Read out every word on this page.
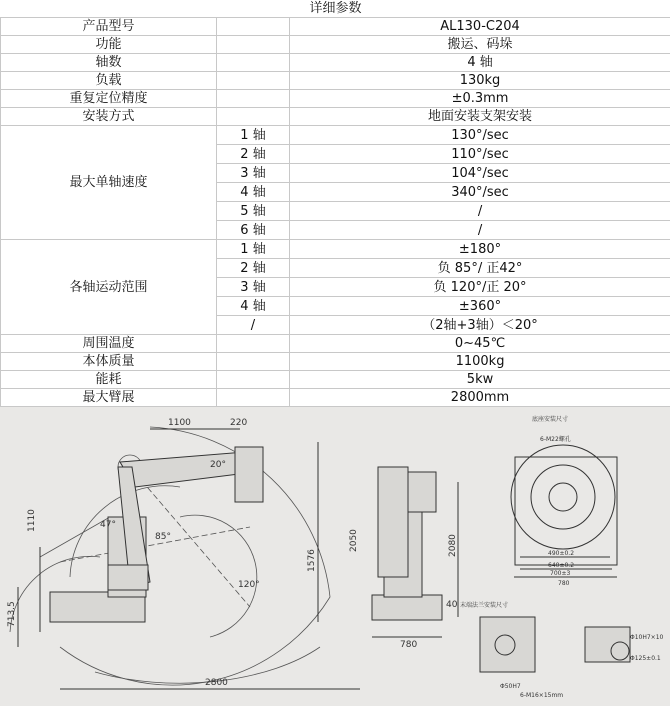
详细参数		
产品型号		AL130-C204
功能		搬运、码垛
轴数		4 轴
负载		130kg
重复定位精度		±0.3mm
安装方式		地面安装支架安装
最大单轴速度	1 轴	130°/sec
	2 轴	110°/sec
	3 轴	104°/sec
	4 轴	340°/sec
	5 轴	/
	6 轴	/
各轴运动范围	1 轴	±180°
	2 轴	负 85°/ 正42°
	3 轴	负 120°/正 20°
	4 轴	±360°
	/	（2轴+3轴）＜20°
周围温度		0~45℃
本体质量		1100kg
能耗		5kw
最大臂展		2800mm

1100	220
1110
713.5
1576
2050	2080
2800
780
40
47°
85°
120°
20°
490±0.2
640±0.2
700±3
780
底座安装尺寸
6-M22螺孔
末端法兰安装尺寸
6-M16×15mm
Φ50H7
Φ125±0.1
Φ10H7×10
